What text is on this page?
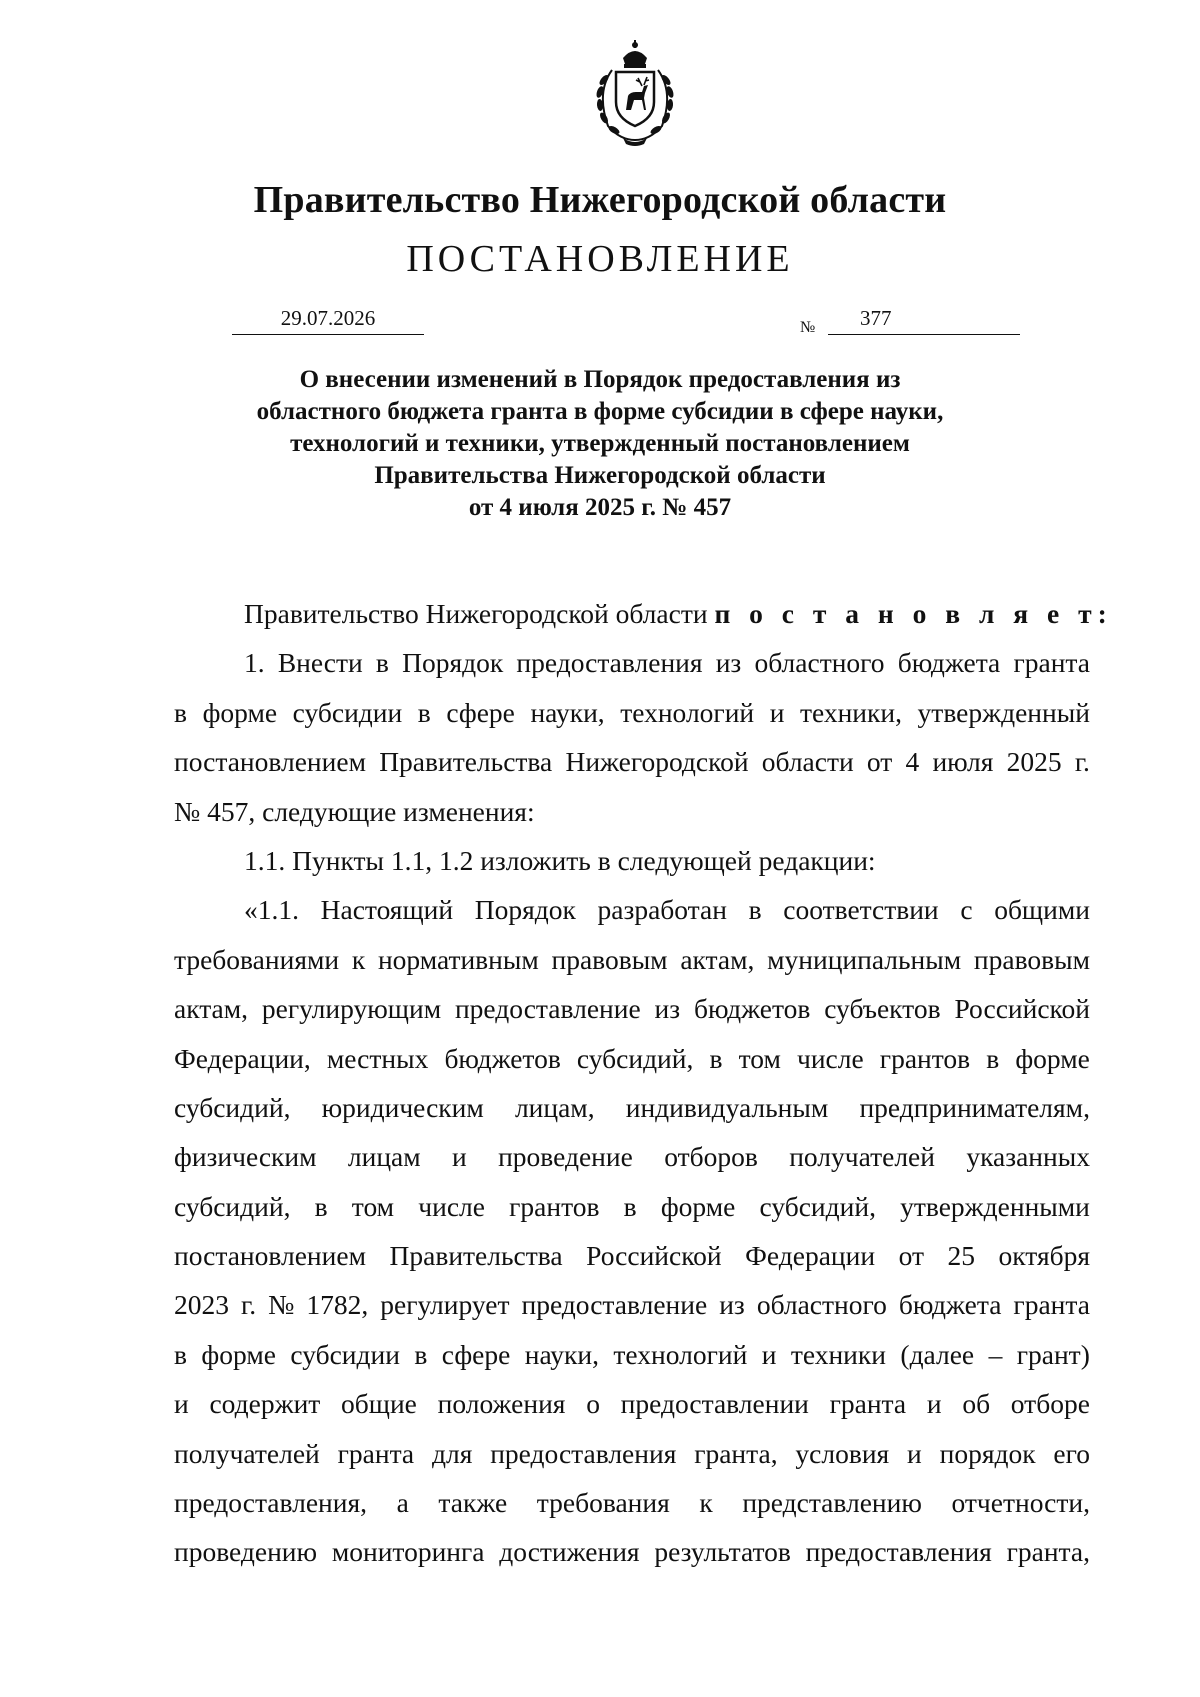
Правительство Нижегородской области
ПОСТАНОВЛЕНИЕ
29.07.2026	№	377
О внесении изменений в Порядок предоставления из
областного бюджета гранта в форме субсидии в сфере науки,
технологий и техники, утвержденный постановлением
Правительства Нижегородской области
от 4 июля 2025 г. № 457
Правительство Нижегородской области
п о с т а н о в л я е т:
1. Внести в Порядок предоставления из областного бюджета гранта
в форме субсидии в сфере науки, технологий и техники, утвержденный
постановлением Правительства Нижегородской области от 4 июля 2025 г.
№ 457, следующие изменения:
1.1. Пункты 1.1, 1.2 изложить в следующей редакции:
«1.1. Настоящий Порядок разработан в соответствии с общими
требованиями к нормативным правовым актам, муниципальным правовым
актам, регулирующим предоставление из бюджетов субъектов Российской
Федерации, местных бюджетов субсидий, в том числе грантов в форме
субсидий, юридическим лицам, индивидуальным предпринимателям,
физическим лицам и проведение отборов получателей указанных
субсидий, в том числе грантов в форме субсидий, утвержденными
постановлением Правительства Российской Федерации от 25 октября
2023 г. № 1782, регулирует предоставление из областного бюджета гранта
в форме субсидии в сфере науки, технологий и техники (далее – грант)
и содержит общие положения о предоставлении гранта и об отборе
получателей гранта для предоставления гранта, условия и порядок его
предоставления, а также требования к представлению отчетности,
проведению мониторинга достижения результатов предоставления гранта,
